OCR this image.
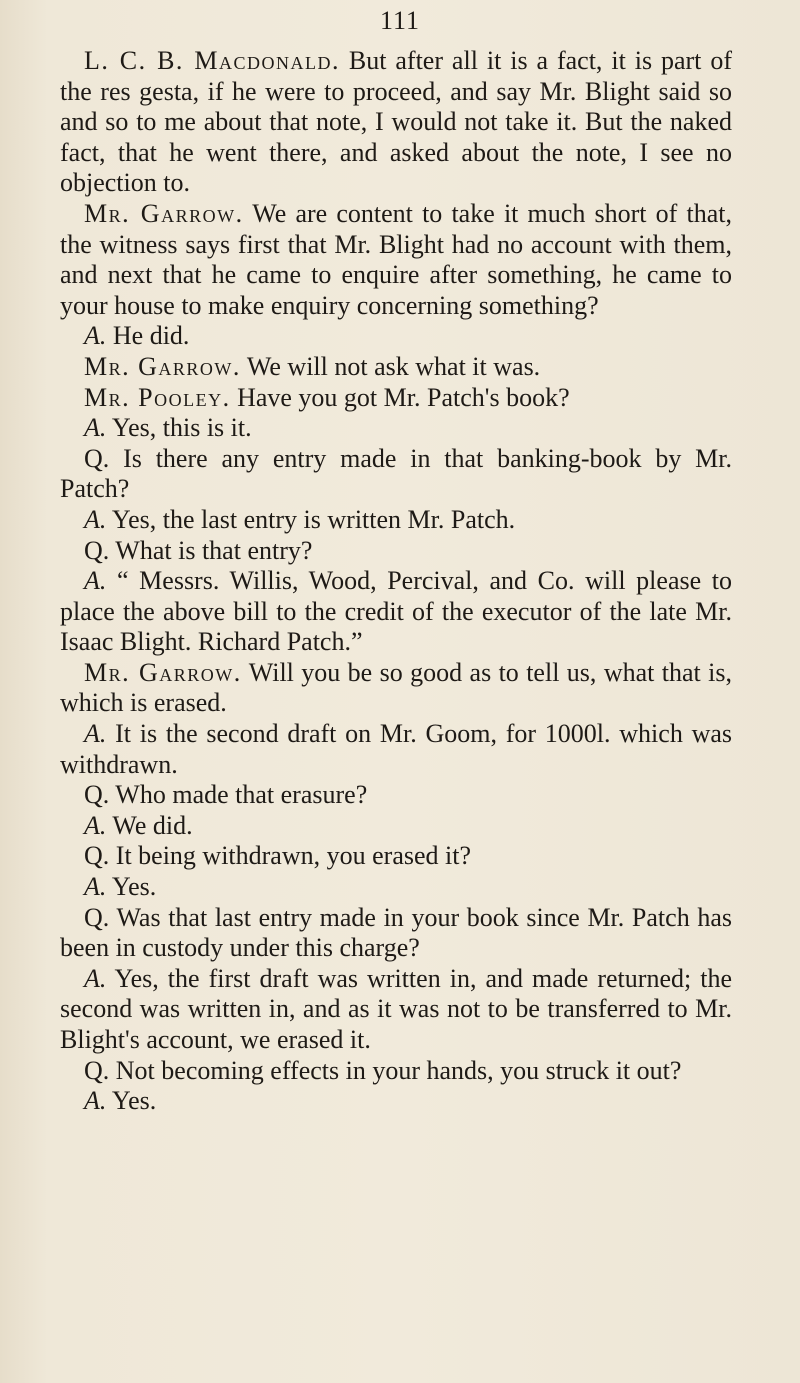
111

L. C. B. Macdonald. But after all it is a fact, it is part of the res gesta, if he were to proceed, and say Mr. Blight said so and so to me about that note, I would not take it. But the naked fact, that he went there, and asked about the note, I see no objection to.

Mr. Garrow. We are content to take it much short of that, the witness says first that Mr. Blight had no account with them, and next that he came to enquire after something, he came to your house to make enquiry concerning something?

A. He did.

Mr. Garrow. We will not ask what it was.

Mr. Pooley. Have you got Mr. Patch's book?

A. Yes, this is it.

Q. Is there any entry made in that banking-book by Mr. Patch?

A. Yes, the last entry is written Mr. Patch.

Q. What is that entry?

A. “ Messrs. Willis, Wood, Percival, and Co. will please to place the above bill to the credit of the executor of the late Mr. Isaac Blight. Richard Patch.”

Mr. Garrow. Will you be so good as to tell us, what that is, which is erased.

A. It is the second draft on Mr. Goom, for 1000l. which was withdrawn.

Q. Who made that erasure?

A. We did.

Q. It being withdrawn, you erased it?

A. Yes.

Q. Was that last entry made in your book since Mr. Patch has been in custody under this charge?

A. Yes, the first draft was written in, and made returned; the second was written in, and as it was not to be transferred to Mr. Blight's account, we erased it.

Q. Not becoming effects in your hands, you struck it out?

A. Yes.
